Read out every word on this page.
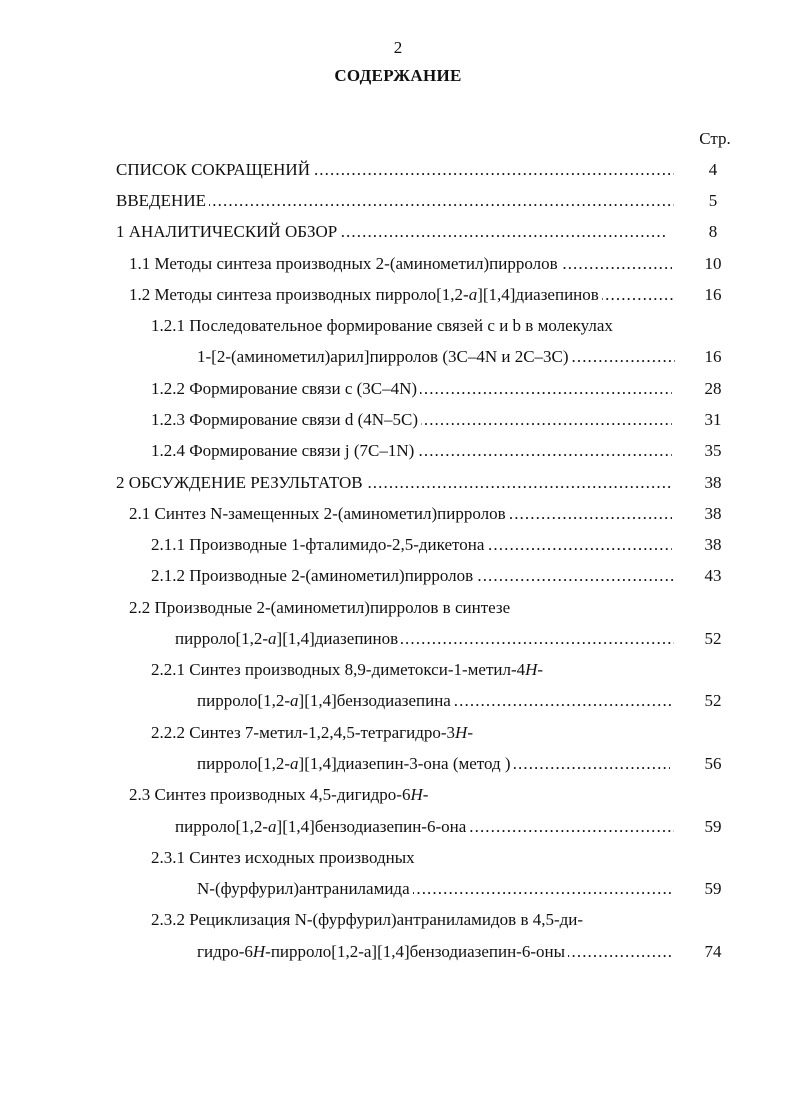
2
СОДЕРЖАНИЕ
Стр.
СПИСОК СОКРАЩЕНИЙ .....	4
ВВЕДЕНИЕ .....	5
1 АНАЛИТИЧЕСКИЙ ОБЗОР .....	8
1.1 Методы синтеза производных 2-(аминометил)пирролов .....	10
1.2 Методы синтеза производных пирроло[1,2-a][1,4]диазепинов .....	16
1.2.1 Последовательное формирование связей c и b в молекулах
1-[2-(аминометил)арил]пирролов (3C–4N и 2C–3C) .....	16
1.2.2 Формирование связи c (3C–4N) .....	28
1.2.3 Формирование связи d (4N–5C) .....	31
1.2.4 Формирование связи j (7C–1N) .....	35
2 ОБСУЖДЕНИЕ РЕЗУЛЬТАТОВ .....	38
2.1 Синтез N-замещенных 2-(аминометил)пирролов .....	38
2.1.1 Производные 1-фталимидо-2,5-дикетона .....	38
2.1.2 Производные 2-(аминометил)пирролов .....	43
2.2 Производные 2-(аминометил)пирролов в синтезе
пирроло[1,2-a][1,4]диазепинов .....	52
2.2.1 Синтез производных 8,9-диметокси-1-метил-4H-
пирроло[1,2-a][1,4]бензодиазепина .....	52
2.2.2 Синтез 7-метил-1,2,4,5-тетрагидро-3H-
пирроло[1,2-a][1,4]диазепин-3-она (метод ) .....	56
2.3 Синтез производных 4,5-дигидро-6H-
пирроло[1,2-a][1,4]бензодиазепин-6-она .....	59
2.3.1 Синтез исходных производных
N-(фурфурил)антраниламида .....	59
2.3.2 Рециклизация N-(фурфурил)антраниламидов в 4,5-ди-
гидро-6H-пирроло[1,2-a][1,4]бензодиазепин-6-оны .....	74
